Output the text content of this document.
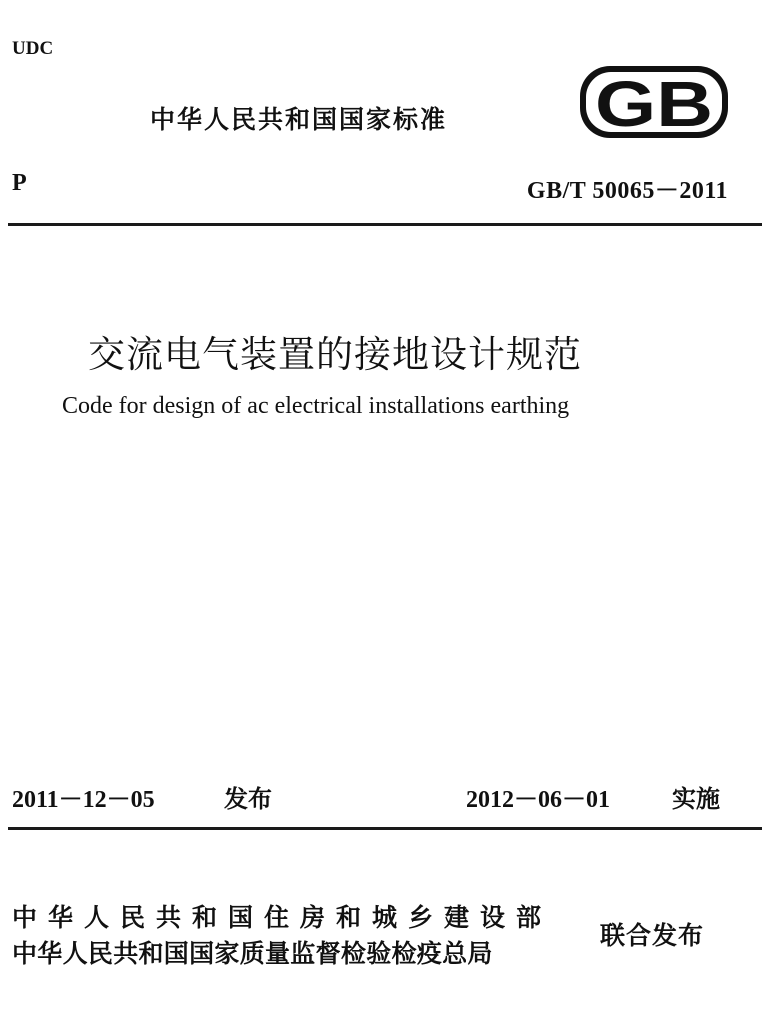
UDC
中华人民共和国国家标准 GB
P	GB/T 50065－2011
交流电气装置的接地设计规范
Code for design of ac electrical installations earthing
2011－12－05	发布	2012－06－01	实施
中华人民共和国住房和城乡建设部
中华人民共和国国家质量监督检验检疫总局
联合发布
